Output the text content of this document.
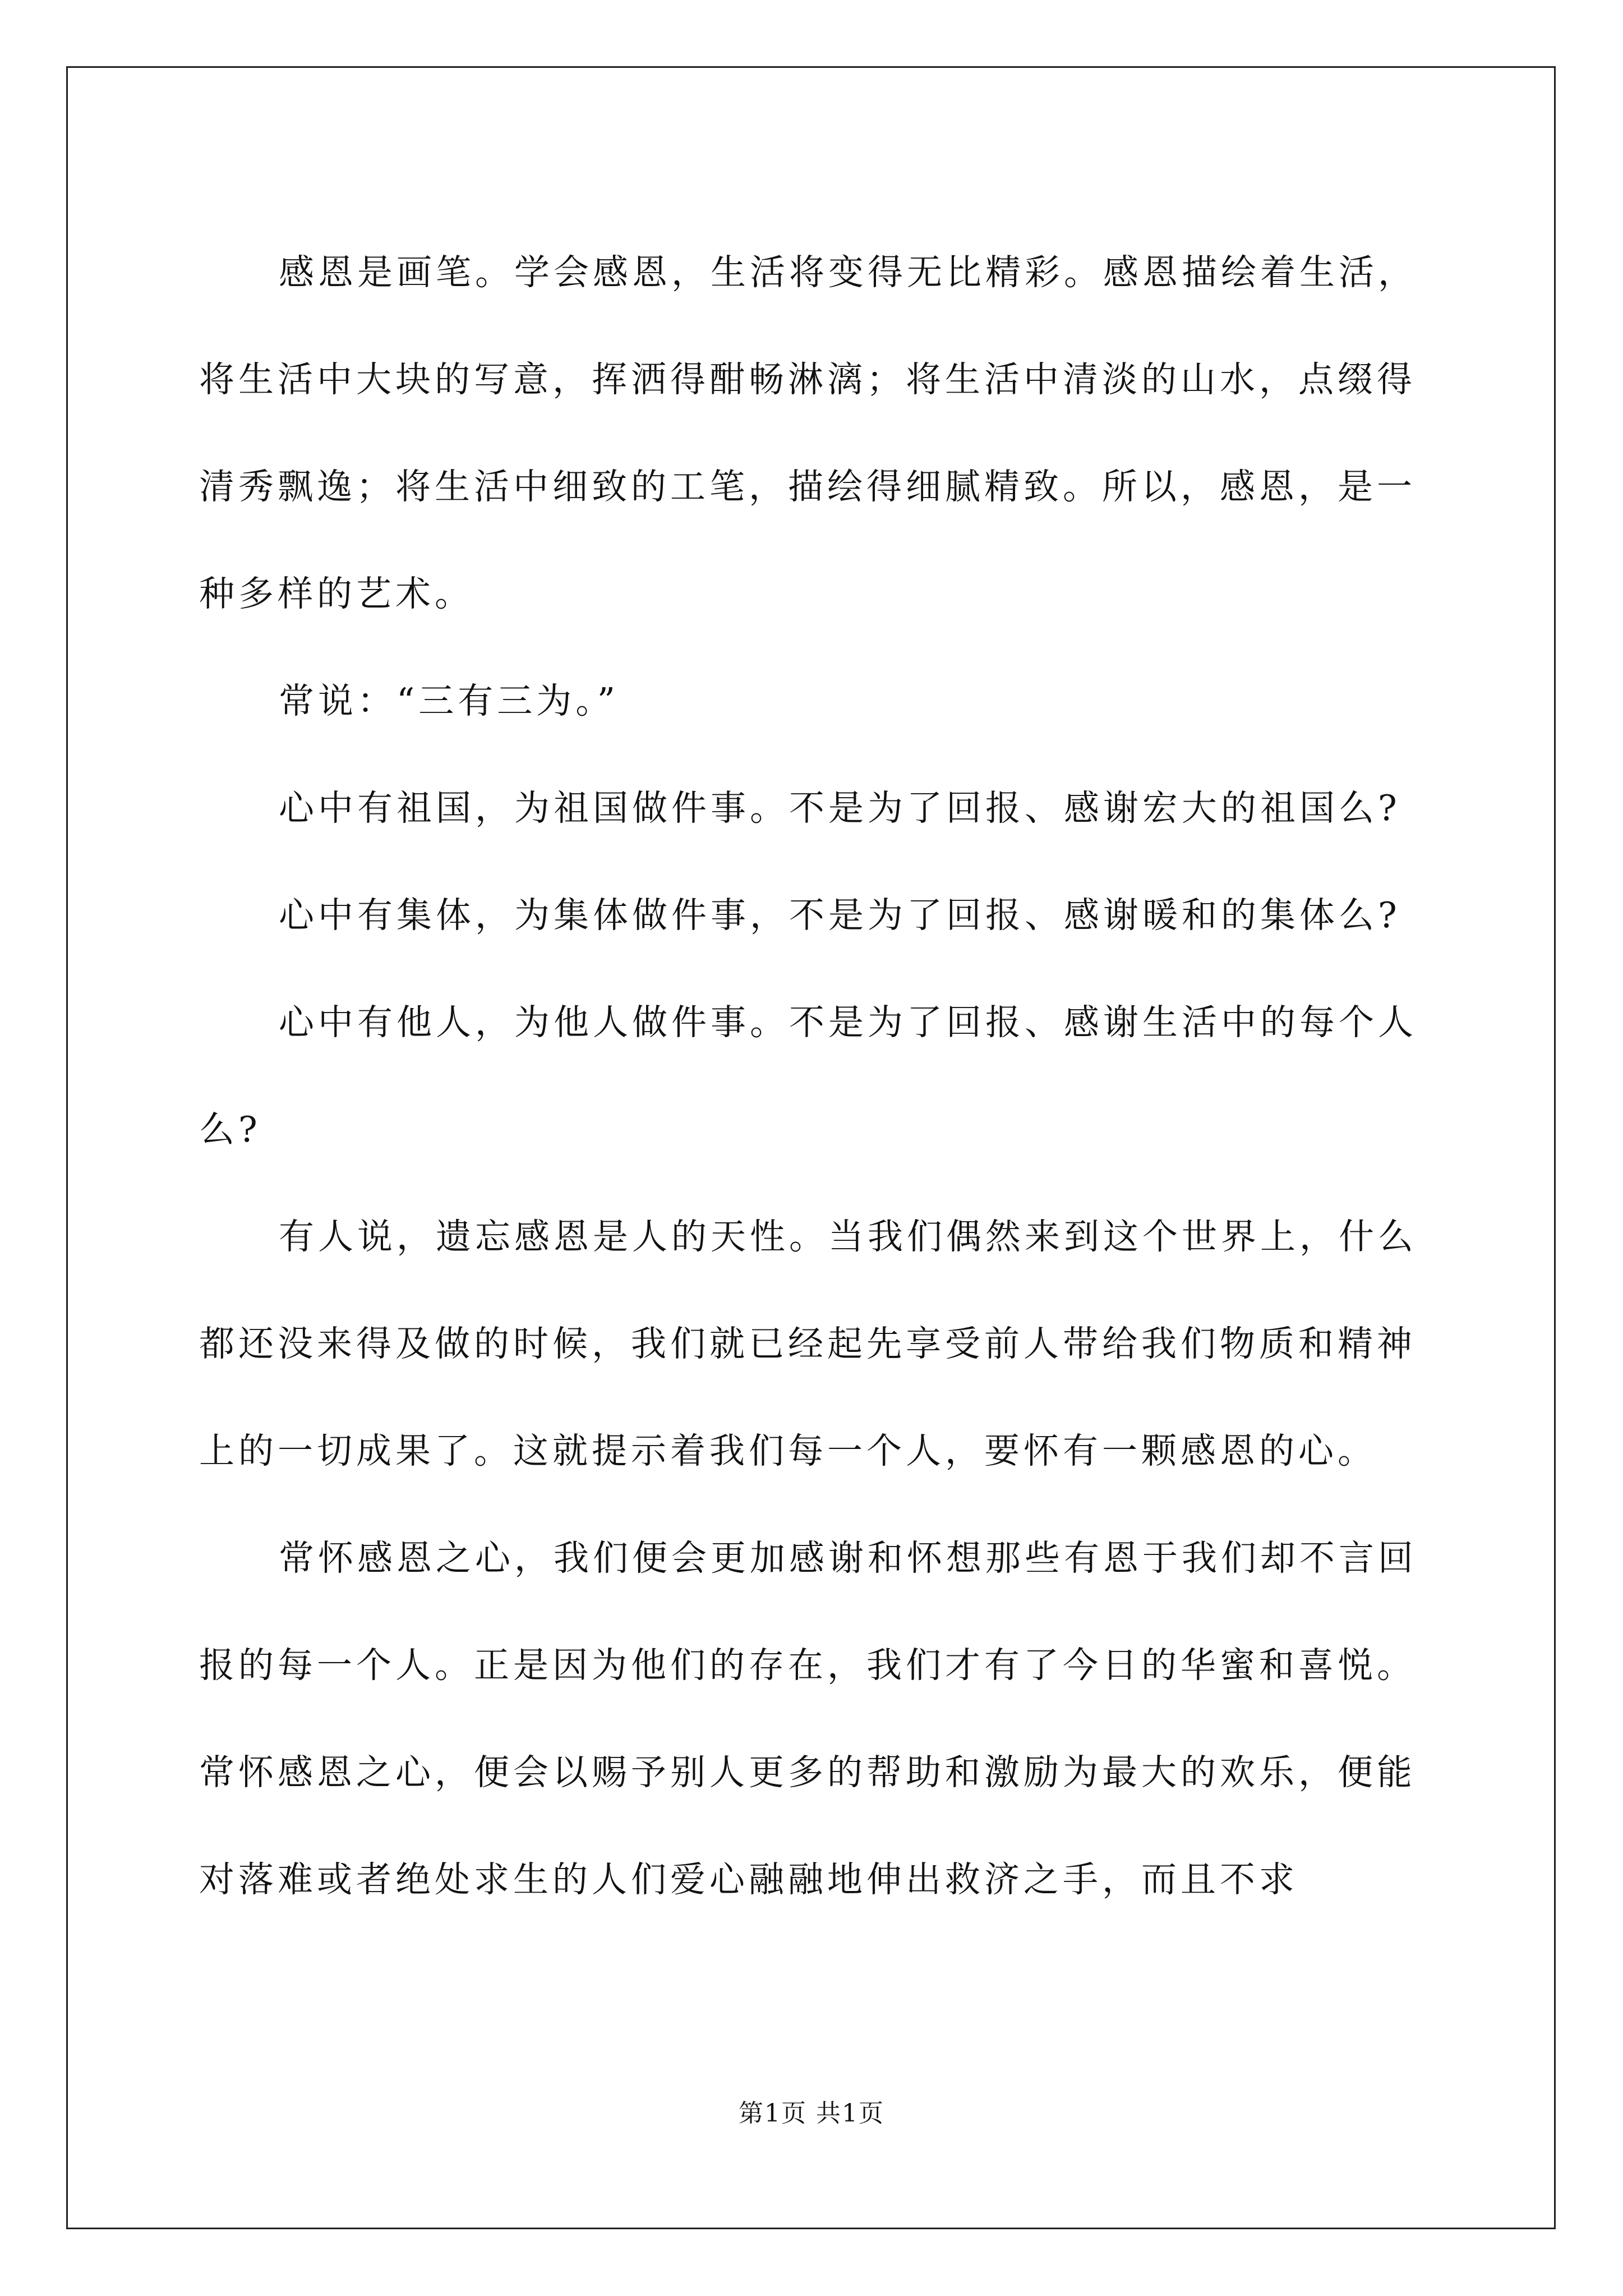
感恩是画笔。学会感恩，生活将变得无比精彩。感恩描绘着生活，将生活中大块的写意，挥洒得酣畅淋漓；将生活中清淡的山水，点缀得清秀飘逸；将生活中细致的工笔，描绘得细腻精致。所以，感恩，是一种多样的艺术。

常说：“三有三为。”

心中有祖国，为祖国做件事。不是为了回报、感谢宏大的祖国么?

心中有集体，为集体做件事，不是为了回报、感谢暖和的集体么?

心中有他人，为他人做件事。不是为了回报、感谢生活中的每个人么?

有人说，遗忘感恩是人的天性。当我们偶然来到这个世界上，什么都还没来得及做的时候，我们就已经起先享受前人带给我们物质和精神上的一切成果了。这就提示着我们每一个人，要怀有一颗感恩的心。

常怀感恩之心，我们便会更加感谢和怀想那些有恩于我们却不言回报的每一个人。正是因为他们的存在，我们才有了今日的华蜜和喜悦。常怀感恩之心，便会以赐予别人更多的帮助和激励为最大的欢乐，便能对落难或者绝处求生的人们爱心融融地伸出救济之手，而且不求

第1页 共1页
